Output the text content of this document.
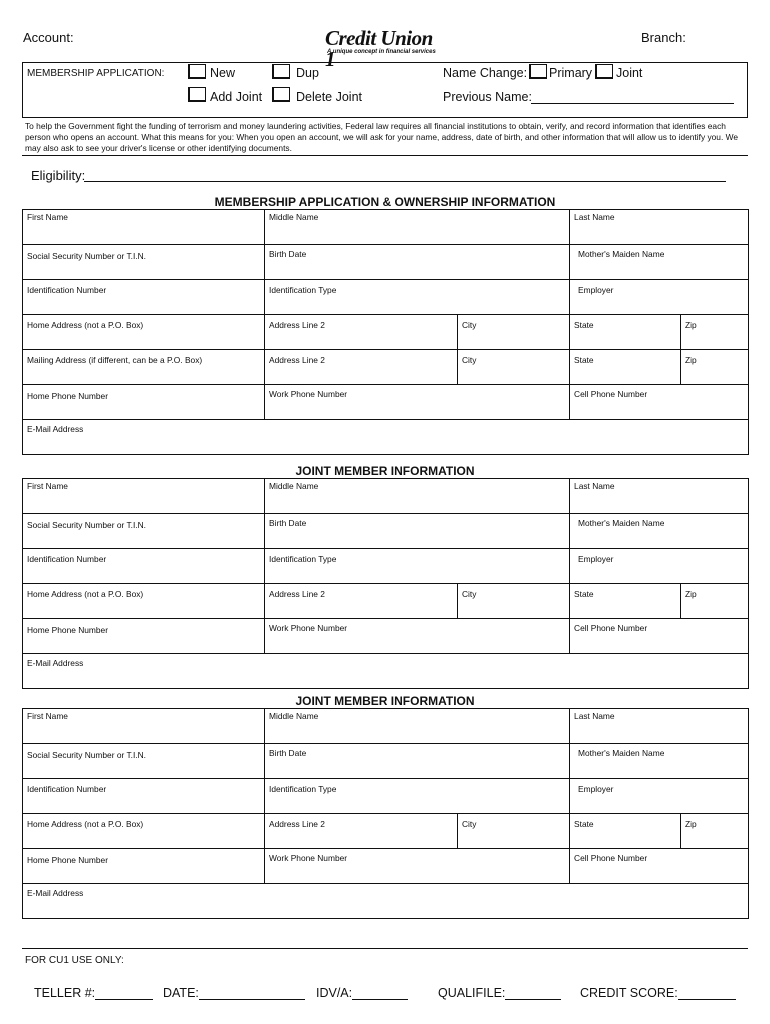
Account:	Credit Union 1
A unique concept in financial services
Branch:
MEMBERSHIP APPLICATION:	New	Dup
Add Joint	Delete Joint
Name Change: Primary Joint
Previous Name:
To help the Government fight the funding of terrorism and money laundering activities, Federal law requires all financial institutions to obtain, verify, and record information that identifies each person who opens an account. What this means for you: When you open an account, we will ask for your name, address, date of birth, and other information that will allow us to identify you. We may also ask to see your driver's license or other identifying documents.
Eligibility:
MEMBERSHIP APPLICATION & OWNERSHIP INFORMATION
First Name	Middle Name		Last Name	
Social Security Number or T.I.N.	Birth Date		Mother's Maiden Name	
Identification Number	Identification Type		Employer	
Home Address (not a P.O. Box)	Address Line 2	City	State	Zip
Mailing Address (if different, can be a P.O. Box)	Address Line 2	City	State	Zip
Home Phone Number	Work Phone Number		Cell Phone Number	
E-Mail Address				
JOINT MEMBER INFORMATION
First Name	Middle Name		Last Name	
Social Security Number or T.I.N.	Birth Date		Mother's Maiden Name	
Identification Number	Identification Type		Employer	
Home Address (not a P.O. Box)	Address Line 2	City	State	Zip
Home Phone Number	Work Phone Number		Cell Phone Number	
E-Mail Address				
JOINT MEMBER INFORMATION
First Name	Middle Name		Last Name	
Social Security Number or T.I.N.	Birth Date		Mother's Maiden Name	
Identification Number	Identification Type		Employer	
Home Address (not a P.O. Box)	Address Line 2	City	State	Zip
Home Phone Number	Work Phone Number		Cell Phone Number	
E-Mail Address				
FOR CU1 USE ONLY:
TELLER #:	DATE:	IDV/A:	QUALIFILE:	CREDIT SCORE:
